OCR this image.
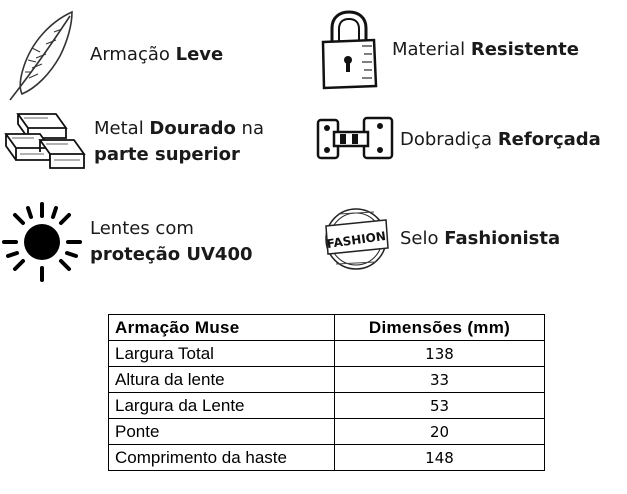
Armação Leve	Material Resistente
Metal Dourado na
parte superior
Dobradiça Reforçada
Lentes com
proteção UV400
FASHION Selo Fashionista
Armação Muse	Dimensões (mm)
Largura Total	138
Altura da lente	33
Largura da Lente	53
Ponte	20
Comprimento da haste	148
